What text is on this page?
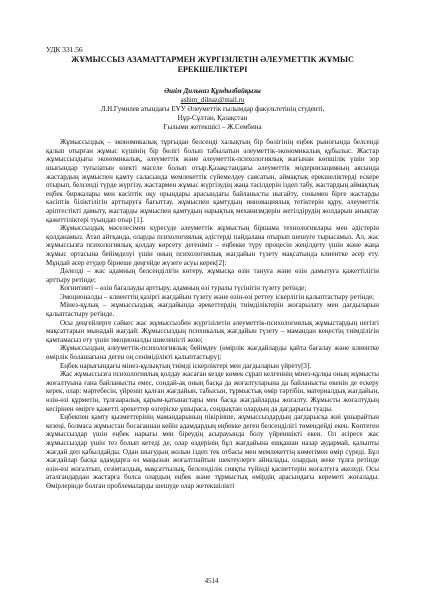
УДК 331.56
ЖҰМЫССЫЗ АЗАМАТТАРМЕН ЖҮРГІЗІЛЕТІН ӘЛЕУМЕТТІК ЖҰМЫС ЕРЕКШЕЛІКТЕРІ
Әшім Дильназ Құндызбайқызы
ashim_dilnaz@mail.ru
Л.Н.Гумилев атындағы ЕҰУ Әлеуметтік ғылымдар факультетінің студенті,
Нұр-Сұлтан, Қазақстан
Ғылыми жетекшісі – Ж.Сембина

Жұмыссыздық – экономикалық тұрғыдан белсенді халықтың бір бөлігінің еңбек рыногында белсенді қалып отырған жұмыс күшінің бір бөлігі болып табылатын әлеуметтік-экономикалық құбылыс. Жастар жұмыссыздығы экономикалық, әлеуметтік және әлеуметтік-психологиялық жағынан көпшілік үшін зор шығындар туғызатын өзекті мәселе болып отыр.Қазақстандағы әлеуметтік модернизацияның аясында жастардың жұмыспен қамту саласында мемлекеттік сүйемелдеу саясатын, аймақтық ерекшеліктерді ескере отырып, белсенді түрде жүргізу, жастармен жұмыс жүргізудің жаңа тәсілдерін іздеп табу, жастардың аймақтық еңбек биржалары мен кәсіптік оқу орындары арасындағы байланысты нығайту, сонымен бірге жастарды кәсіптік біліктілігін арттыруға бағыттау, жұмыспен қамтудың инновациялық тетіктерін құру, әлеуметтік әріптестікті дамыту, жастарды жұмыспен қамтудың нарықтық механизмдерін жетілдірудің жолдарын анықтау қажеттіліктері туындап отыр [1].

Жұмыссыздық мәселесімен күресуде әлеуметтік жұмыстың біршама технологиялары мен әдістерін қолданамыз. Атап айтқанда, оларды психологиялық әдістерді пайдалана отырып шешуге тырысамыз. Ал, жас жұмыссызға психологиялық қолдау көрсету дегеніміз – еңбекке түру процесін жеңілдету үшін және жаңа жұмыс ортасына бейімделуі үшін оның психологиялық жағдайын түзету мақсатында клиентке әсер ету. Мұндай әсер етудер бірнеше деңгейде жүзеге асуы керек[2]:

Дәлелді – жас адамның белсенділігін көтеру, жұмысқа өзін тануға және өзін дамытуға қажеттілігін арттыру ретінде;

Когнитивті – өзін бағалауды арттыру, адамның өзі туралы түсінігін түзету ретінде;

Эмоционалды – клиенттің қазіргі жағдайын түзету және өзін-өзі реттеу іскерлігін қалыптастыру ретінде;

Мінез-құлық – жұмыссыздық жағдайында әрекеттердің тиімділіктерін жоғарылату мен дағдыларын қалыптастыру ретінде.

Осы деңгейлерге сәйкес жас жұмыссызбен жүргізілетін әлеуметтік-психологиялық жұмыстардың негізгі мақсаттарын мынадай жағдай: Жұмыссыздың психикалық жағдайын түзету – мамандан кеңестің тиімділігін қамтамасыз ету үшін эмоционалды шиеленісті жою;

Жұмыссыздың әлеуметтік-психологиялық бейімдеу (өмірлік жағдайларды қайта бағалау және клиентке өмірлік болашағына деген оң сеніміділікті қалыптастыру);

Еңбек нарығындағы мінез-құлықтың тиімді іскерліктері мен дағдыларын үйрету[3].

Жас жұмыссызға психологиялық қолдау жасаған кезде көмек сұрап келгеннің мінез-құлқы оның жұмысты жоғалтуына ғана байланысты емес, сондай-ақ оның басқа да жоғалтуларына да байланысты екенін де ескеру керек, олар: мәртебесін, үйреніп қалған жағдайын, табысын, тұрмыстық өмір тәртібін, материалдық жағдайын, өзін-өзі құрметін, тұлғааралық қарым-қатынастары мен басқа жағдайларды жоғалту. Жұмысты жоғалтудың кесірінен өмірге қажетті әрекеттер өзгеріске ұшыраса, сондықтан олардың да дағдарысы туады.

Еңбекпен қамту қызметтерінің мамандарының пікірінше, жұмыссыздардың дағдарысқа жиі ұшырайтын кезеңі, болмаса жұмыстан босағаннан кейін адамдардың еңбекке деген белсенділігі төмендейді екен. Көптеген жұмыссыздар үшін еңбек нарығы мен біреудің асырауында болу үйреншікті екен. Ол әсіресе жас жұмыссыздар үшін тез болып кетеді де, олар өздерінің бұл жағдайына ешқашан назар аудармай, қалыпты жағдай деп қабылдайды. Одан шығудың жолын іздеп тек отбасы мен мемлекеттің көмегімен өмір сүреді. Бұл жағдайлар басқа адамдарға өз маңызын жоғалтпайтын шектеулерге айналады, олардың жеке тұлға ретінде өзін-өзі жоғалтып, сезімталдық, мақсаттылық, белсенділік сияқты түйінді қасиеттерін жоғалтуға әкеледі. Осы аталғандардан жастарға болса олардың еңбек және тұрмыстық өмірдің арасындағы кереметі жоғалады. Өмірлерінде болған проблемаларды шешуде олар жетекшілікті

4514
